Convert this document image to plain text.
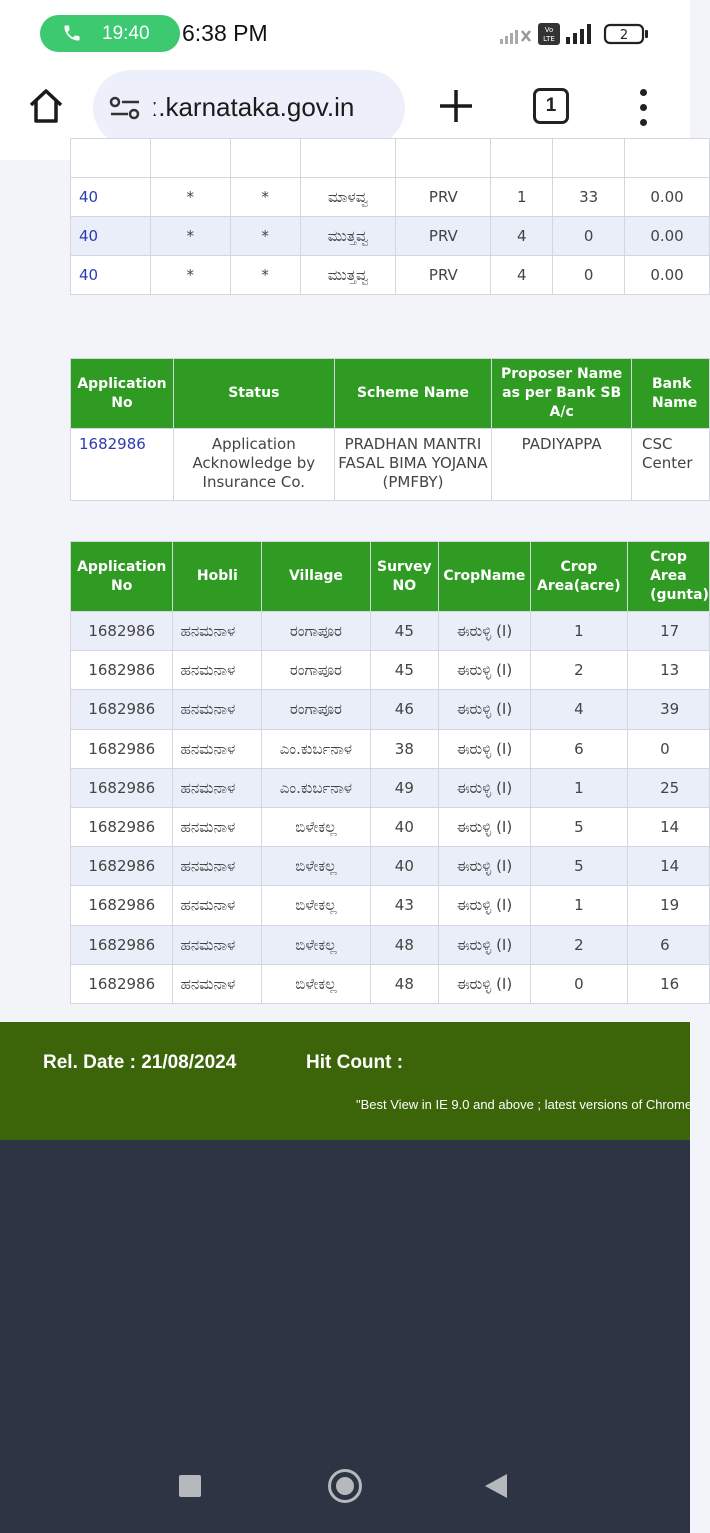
19:40 6:38 PM	Vo
LTE	2
ː.karnataka.gov.in	1

40	*	*	ಮಾಳವ್ವ	PRV	1	33	0.00
40	*	*	ಮುತ್ತವ್ವ	PRV	4	0	0.00
40	*	*	ಮುತ್ತವ್ವ	PRV	4	0	0.00
Application No	Status	Scheme Name	Proposer Name as per Bank SB A/c	Bank Name
1682986	Application Acknowledge by Insurance Co.	PRADHAN MANTRI FASAL BIMA YOJANA (PMFBY)	PADIYAPPA	CSC Center
Application No	Hobli	Village	Survey NO	CropName	Crop Area(acre)	Crop Area (gunta)
1682986	ಹನಮನಾಳ	ರಂಗಾಪೂರ	45	ಈರುಳ್ಳಿ (I)	1	17
1682986	ಹನಮನಾಳ	ರಂಗಾಪೂರ	45	ಈರುಳ್ಳಿ (I)	2	13
1682986	ಹನಮನಾಳ	ರಂಗಾಪೂರ	46	ಈರುಳ್ಳಿ (I)	4	39
1682986	ಹನಮನಾಳ	ಎಂ.ಕುರ್ಬನಾಳ	38	ಈರುಳ್ಳಿ (I)	6	0
1682986	ಹನಮನಾಳ	ಎಂ.ಕುರ್ಬನಾಳ	49	ಈರುಳ್ಳಿ (I)	1	25
1682986	ಹನಮನಾಳ	ಬಿಳೇಕಲ್ಲ	40	ಈರುಳ್ಳಿ (I)	5	14
1682986	ಹನಮನಾಳ	ಬಿಳೇಕಲ್ಲ	40	ಈರುಳ್ಳಿ (I)	5	14
1682986	ಹನಮನಾಳ	ಬಿಳೇಕಲ್ಲ	43	ಈರುಳ್ಳಿ (I)	1	19
1682986	ಹನಮನಾಳ	ಬಿಳೇಕಲ್ಲ	48	ಈರುಳ್ಳಿ (I)	2	6
1682986	ಹನಮನಾಳ	ಬಿಳೇಕಲ್ಲ	48	ಈರುಳ್ಳಿ (I)	0	16
Rel. Date : 21/08/2024	Hit Count :
"Best View in IE 9.0 and above ; latest versions of Chrome
